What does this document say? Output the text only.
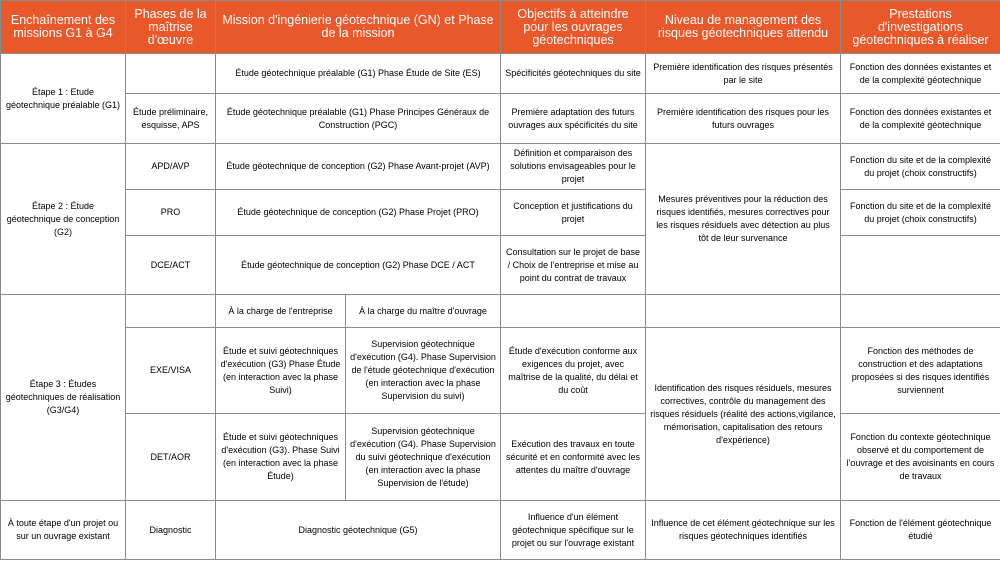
Enchaînement des missions G1 à G4	Phases de la maîtrise d'œuvre	Mission d'ingénierie géotechnique (GN) et Phase de la mission		Objectifs à atteindre pour les ouvrages géotechniques	Niveau de management des risques géotechniques attendu	Prestations d'investigations géotechniques à réaliser
Étape 1 : Etude géotechnique préalable (G1)		Étude géotechnique préalable (G1) Phase Étude de Site (ES)		Spécificités géotechniques du site	Première identification des risques présentés par le site	Fonction des données existantes et de la complexité géotechnique
	Étude préliminaire, esquisse, APS	Étude géotechnique préalable (G1) Phase Principes Généraux de Construction (PGC)		Première adaptation des futurs ouvrages aux spécificités du site	Première identification des risques pour les futurs ouvrages	Fonction des données existantes et de la complexité géotechnique
Étape 2 : Étude géotechnique de conception (G2)	APD/AVP	Étude géotechnique de conception (G2) Phase Avant-projet (AVP)		Définition et comparaison des solutions envisageables pour le projet	Mesures préventives pour la réduction des risques identifiés, mesures correctives pour les risques résiduels avec détection au plus tôt de leur survenance	Fonction du site et de la complexité du projet (choix constructifs)
	PRO	Étude géotechnique de conception (G2) Phase Projet (PRO)		Conception et justifications du projet		Fonction du site et de la complexité du projet (choix constructifs)
	DCE/ACT	Étude géotechnique de conception (G2) Phase DCE / ACT		Consultation sur le projet de base / Choix de l'entreprise et mise au point du contrat de travaux		
Étape 3 : Études géotechniques de réalisation (G3/G4)		À la charge de l'entreprise	À la charge du maître d'ouvrage			
	EXE/VISA	Étude et suivi géotechniques d'exécution (G3) Phase Étude (en interaction avec la phase Suivi)	Supervision géotechnique d'exécution (G4). Phase Supervision de l'étude géotechnique d'exécution (en interaction avec la phase Supervision du suivi)	Étude d'exécution conforme aux exigences du projet, avec maîtrise de la qualité, du délai et du coût	Identification des risques résiduels, mesures correctives, contrôle du management des risques résiduels (réalité des actions,vigilance, mémorisation, capitalisation des retours d'expérience)	Fonction des méthodes de construction et des adaptations proposées si des risques identifiés surviennent
	DET/AOR	Étude et suivi géotechniques d'exécution (G3). Phase Suivi (en interaction avec la phase Étude)	Supervision géotechnique d'exécution (G4). Phase Supervision du suivi géotechnique d'exécution (en interaction avec la phase Supervision de l'étude)	Exécution des travaux en toute sécurité et en conformité avec les attentes du maître d'ouvrage		Fonction du contexte géotechnique observé et du comportement de l'ouvrage et des avoisinants en cours de travaux
À toute étape d'un projet ou sur un ouvrage existant	Diagnostic	Diagnostic géotechnique (G5)		Influence d'un élément géotechnique spécifique sur le projet ou sur l'ouvrage existant	Influence de cet élément géotechnique sur les risques géotechniques identifiés	Fonction de l'élément géotechnique étudié
